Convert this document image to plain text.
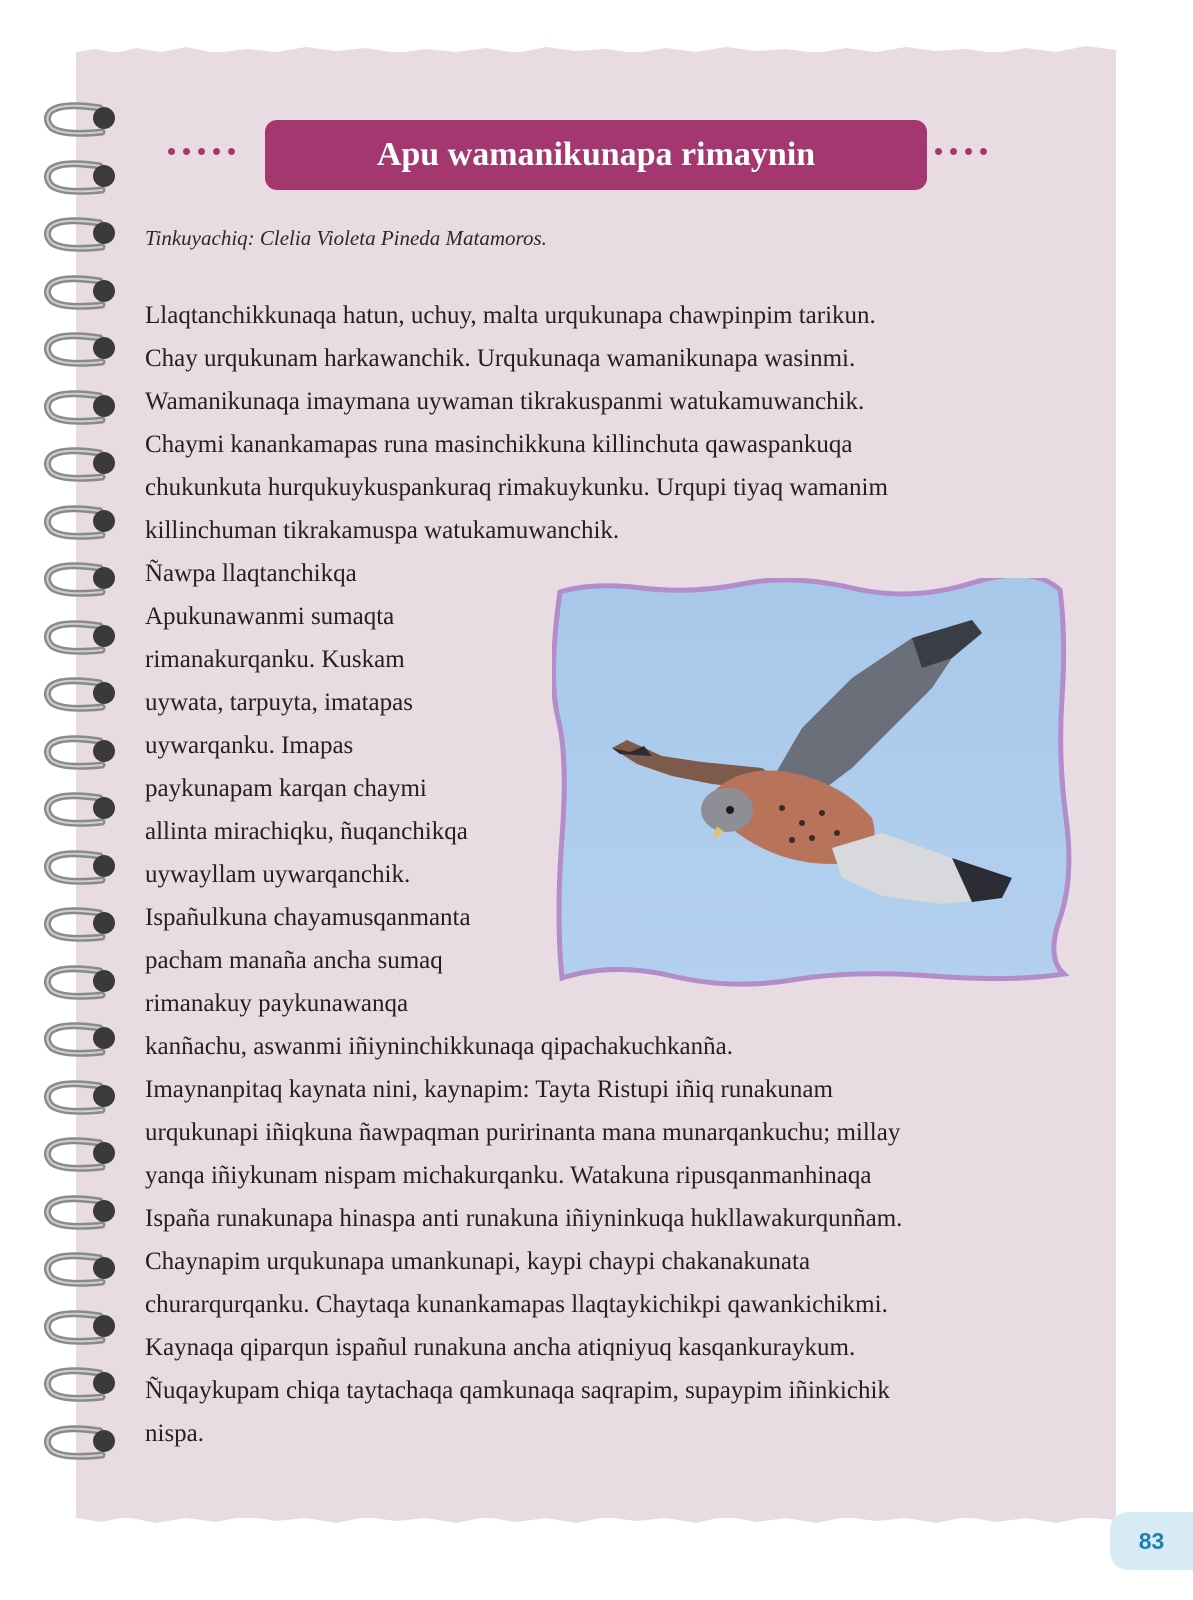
Apu wamanikunapa rimaynin
Tinkuyachiq: Clelia Violeta Pineda Matamoros.
Llaqtanchikkunaqa hatun, uchuy, malta urqukunapa chawpinpim tarikun.
Chay urqukunam harkawanchik. Urqukunaqa wamanikunapa wasinmi.
Wamanikunaqa imaymana uywaman tikrakuspanmi watukamuwanchik.
Chaymi kanankamapas runa masinchikkuna killinchuta qawaspankuqa
chukunkuta hurqukuykuspankuraq rimakuykunku. Urqupi tiyaq wamanim
killinchuman tikrakamuspa watukamuwanchik.
Ñawpa llaqtanchikqa
Apukunawanmi sumaqta
rimanakurqanku. Kuskam
uywata, tarpuyta, imatapas
uywarqanku. Imapas
paykunapam karqan chaymi
allinta mirachiqku, ñuqanchikqa
uywayllam uywarqanchik.
Ispañulkuna chayamusqanmanta
pacham manaña ancha sumaq
rimanakuy paykunawanqa
kanñachu, aswanmi iñiyninchikkunaqa qipachakuchkanña.
Imaynanpitaq kaynata nini, kaynapim: Tayta Ristupi iñiq runakunam
urqukunapi iñiqkuna ñawpaqman puririnanta mana munarqankuchu; millay
yanqa iñiykunam nispam michakurqanku. Watakuna ripusqanmanhinaqa
Ispaña runakunapa hinaspa anti runakuna iñiyninkuqa hukllawakurqunñam.
Chaynapim urqukunapa umankunapi, kaypi chaypi chakanakunata
churarqurqanku. Chaytaqa kunankamapas llaqtaykichikpi qawankichikmi.
Kaynaqa qiparqun ispañul runakuna ancha atiqniyuq kasqankuraykum.
Ñuqaykupam chiqa taytachaqa qamkunaqa saqrapim, supaypim iñinkichik
nispa.
83
